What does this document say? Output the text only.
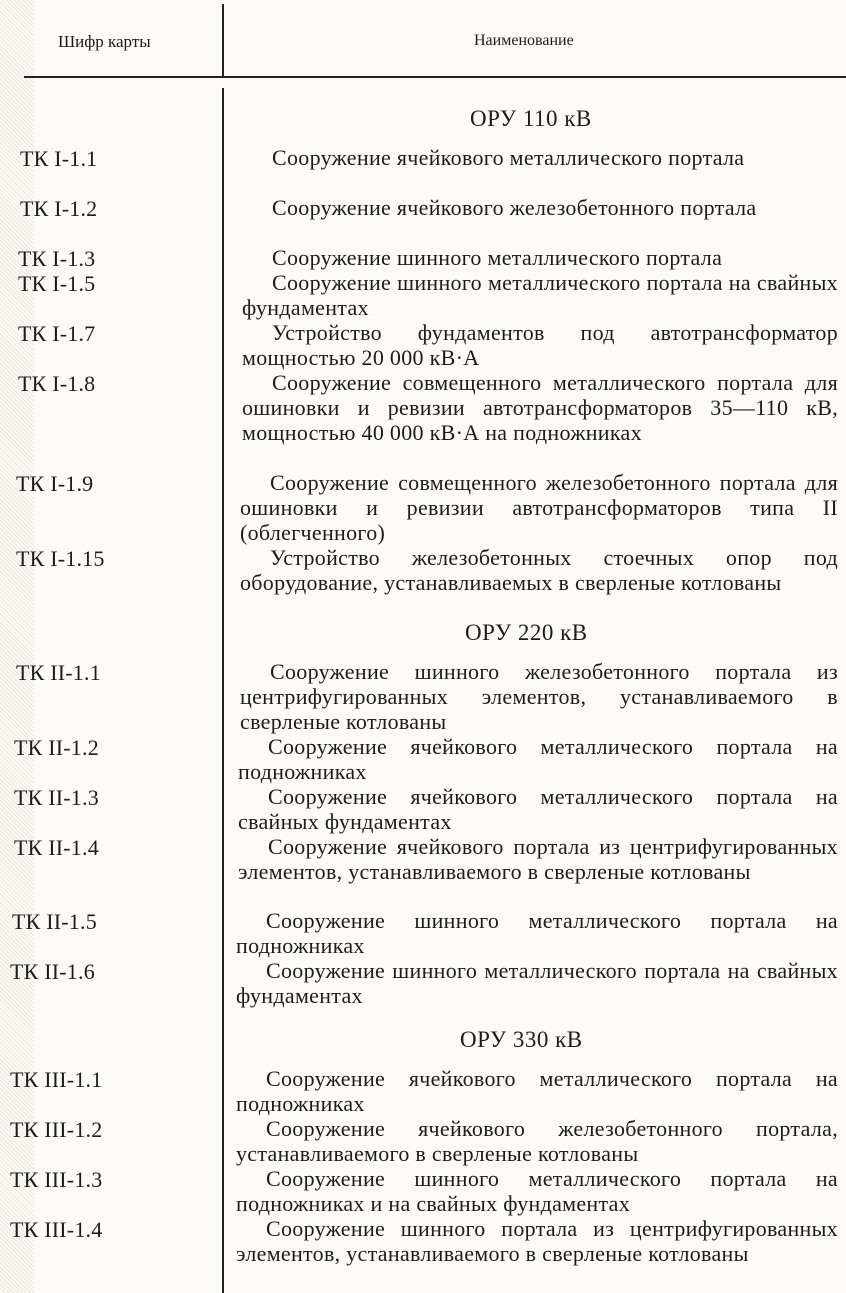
Шифр карты	Наименование
ОРУ 110 кВ
ТК I-1.1	Сооружение ячейкового металлического портала
ТК I-1.2	Сооружение ячейкового железобетонного портала
ТК I-1.3	Сооружение шинного металлического портала
ТК I-1.5	Сооружение шинного металлического портала на свайных фундаментах
ТК I-1.7	Устройство фундаментов под автотрансформатор мощностью 20 000 кВ·А
ТК I-1.8	Сооружение совмещенного металлического портала для ошиновки и ревизии автотрансформаторов 35—110 кВ, мощностью 40 000 кВ·А на подножниках
ТК I-1.9	Сооружение совмещенного железобетонного портала для ошиновки и ревизии автотрансформаторов типа II (облегченного)
ТК I-1.15	Устройство железобетонных стоечных опор под оборудование, устанавливаемых в сверленые котлованы
ОРУ 220 кВ
ТК II-1.1	Сооружение шинного железобетонного портала из центрифугированных элементов, устанавливаемого в сверленые котлованы
ТК II-1.2	Сооружение ячейкового металлического портала на подножниках
ТК II-1.3	Сооружение ячейкового металлического портала на свайных фундаментах
ТК II-1.4	Сооружение ячейкового портала из центрифугированных элементов, устанавливаемого в сверленые котлованы
ТК II-1.5	Сооружение шинного металлического портала на подножниках
ТК II-1.6	Сооружение шинного металлического портала на свайных фундаментах
ОРУ 330 кВ
ТК III-1.1	Сооружение ячейкового металлического портала на подножниках
ТК III-1.2	Сооружение ячейкового железобетонного портала, устанавливаемого в сверленые котлованы
ТК III-1.3	Сооружение шинного металлического портала на подножниках и на свайных фундаментах
ТК III-1.4	Сооружение шинного портала из центрифугированных элементов, устанавливаемого в сверленые котлованы
